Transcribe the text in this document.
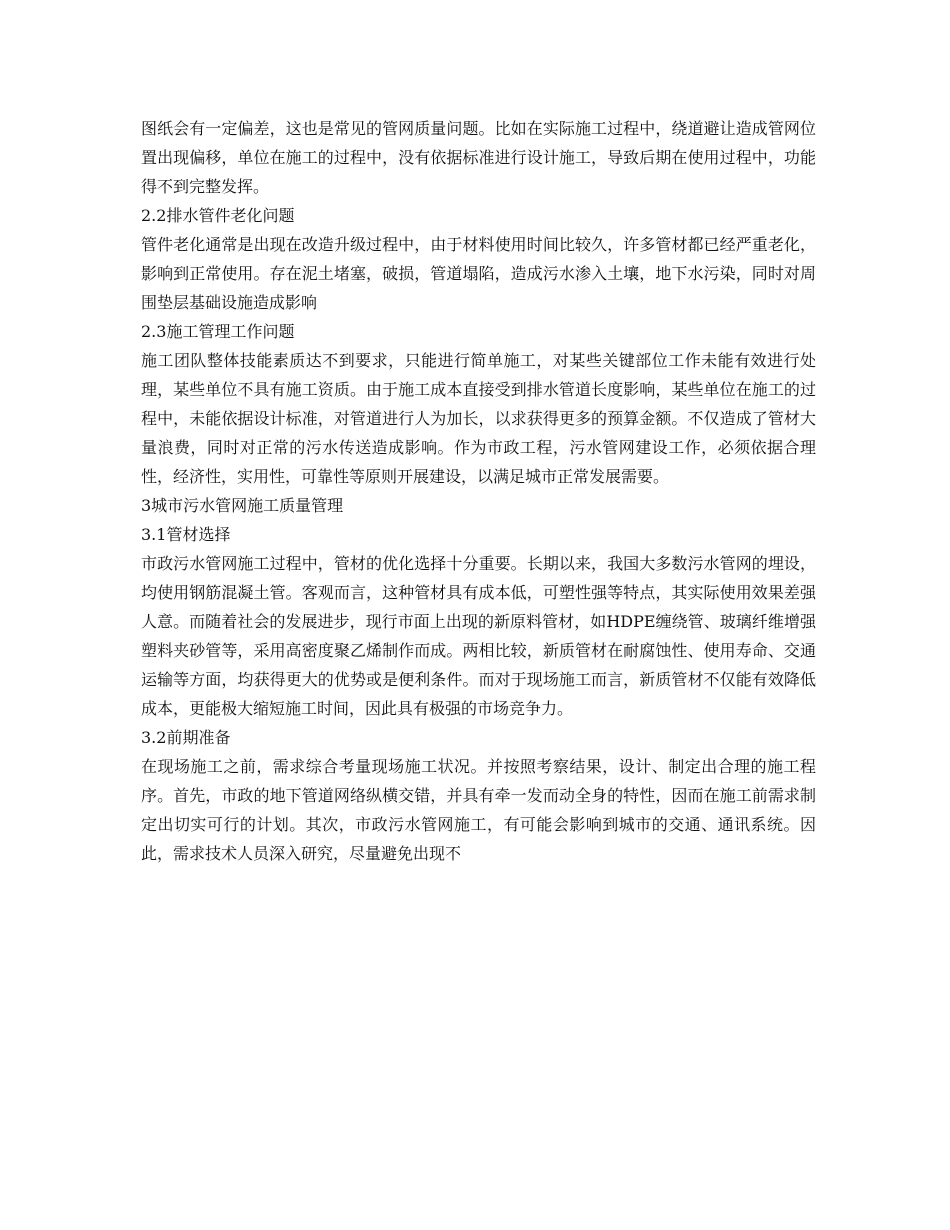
图纸会有一定偏差，这也是常见的管网质量问题。比如在实际施工过程中，绕道避让造成管网位置出现偏移，单位在施工的过程中，没有依据标准进行设计施工，导致后期在使用过程中，功能得不到完整发挥。

2.2排水管件老化问题

管件老化通常是出现在改造升级过程中，由于材料使用时间比较久，许多管材都已经严重老化，影响到正常使用。存在泥土堵塞，破损，管道塌陷，造成污水渗入土壤，地下水污染，同时对周围垫层基础设施造成影响

2.3施工管理工作问题

施工团队整体技能素质达不到要求，只能进行简单施工，对某些关键部位工作未能有效进行处理，某些单位不具有施工资质。由于施工成本直接受到排水管道长度影响，某些单位在施工的过程中，未能依据设计标准，对管道进行人为加长，以求获得更多的预算金额。不仅造成了管材大量浪费，同时对正常的污水传送造成影响。作为市政工程，污水管网建设工作，必须依据合理性，经济性，实用性，可靠性等原则开展建设，以满足城市正常发展需要。

3城市污水管网施工质量管理

3.1管材选择

市政污水管网施工过程中，管材的优化选择十分重要。长期以来，我国大多数污水管网的埋设，均使用钢筋混凝土管。客观而言，这种管材具有成本低，可塑性强等特点，其实际使用效果差强人意。而随着社会的发展进步，现行市面上出现的新原料管材，如HDPE缠绕管、玻璃纤维增强塑料夹砂管等，采用高密度聚乙烯制作而成。两相比较，新质管材在耐腐蚀性、使用寿命、交通运输等方面，均获得更大的优势或是便利条件。而对于现场施工而言，新质管材不仅能有效降低成本，更能极大缩短施工时间，因此具有极强的市场竞争力。

3.2前期准备

在现场施工之前，需求综合考量现场施工状况。并按照考察结果，设计、制定出合理的施工程序。首先，市政的地下管道网络纵横交错，并具有牵一发而动全身的特性，因而在施工前需求制定出切实可行的计划。其次，市政污水管网施工，有可能会影响到城市的交通、通讯系统。因此，需求技术人员深入研究，尽量避免出现不
